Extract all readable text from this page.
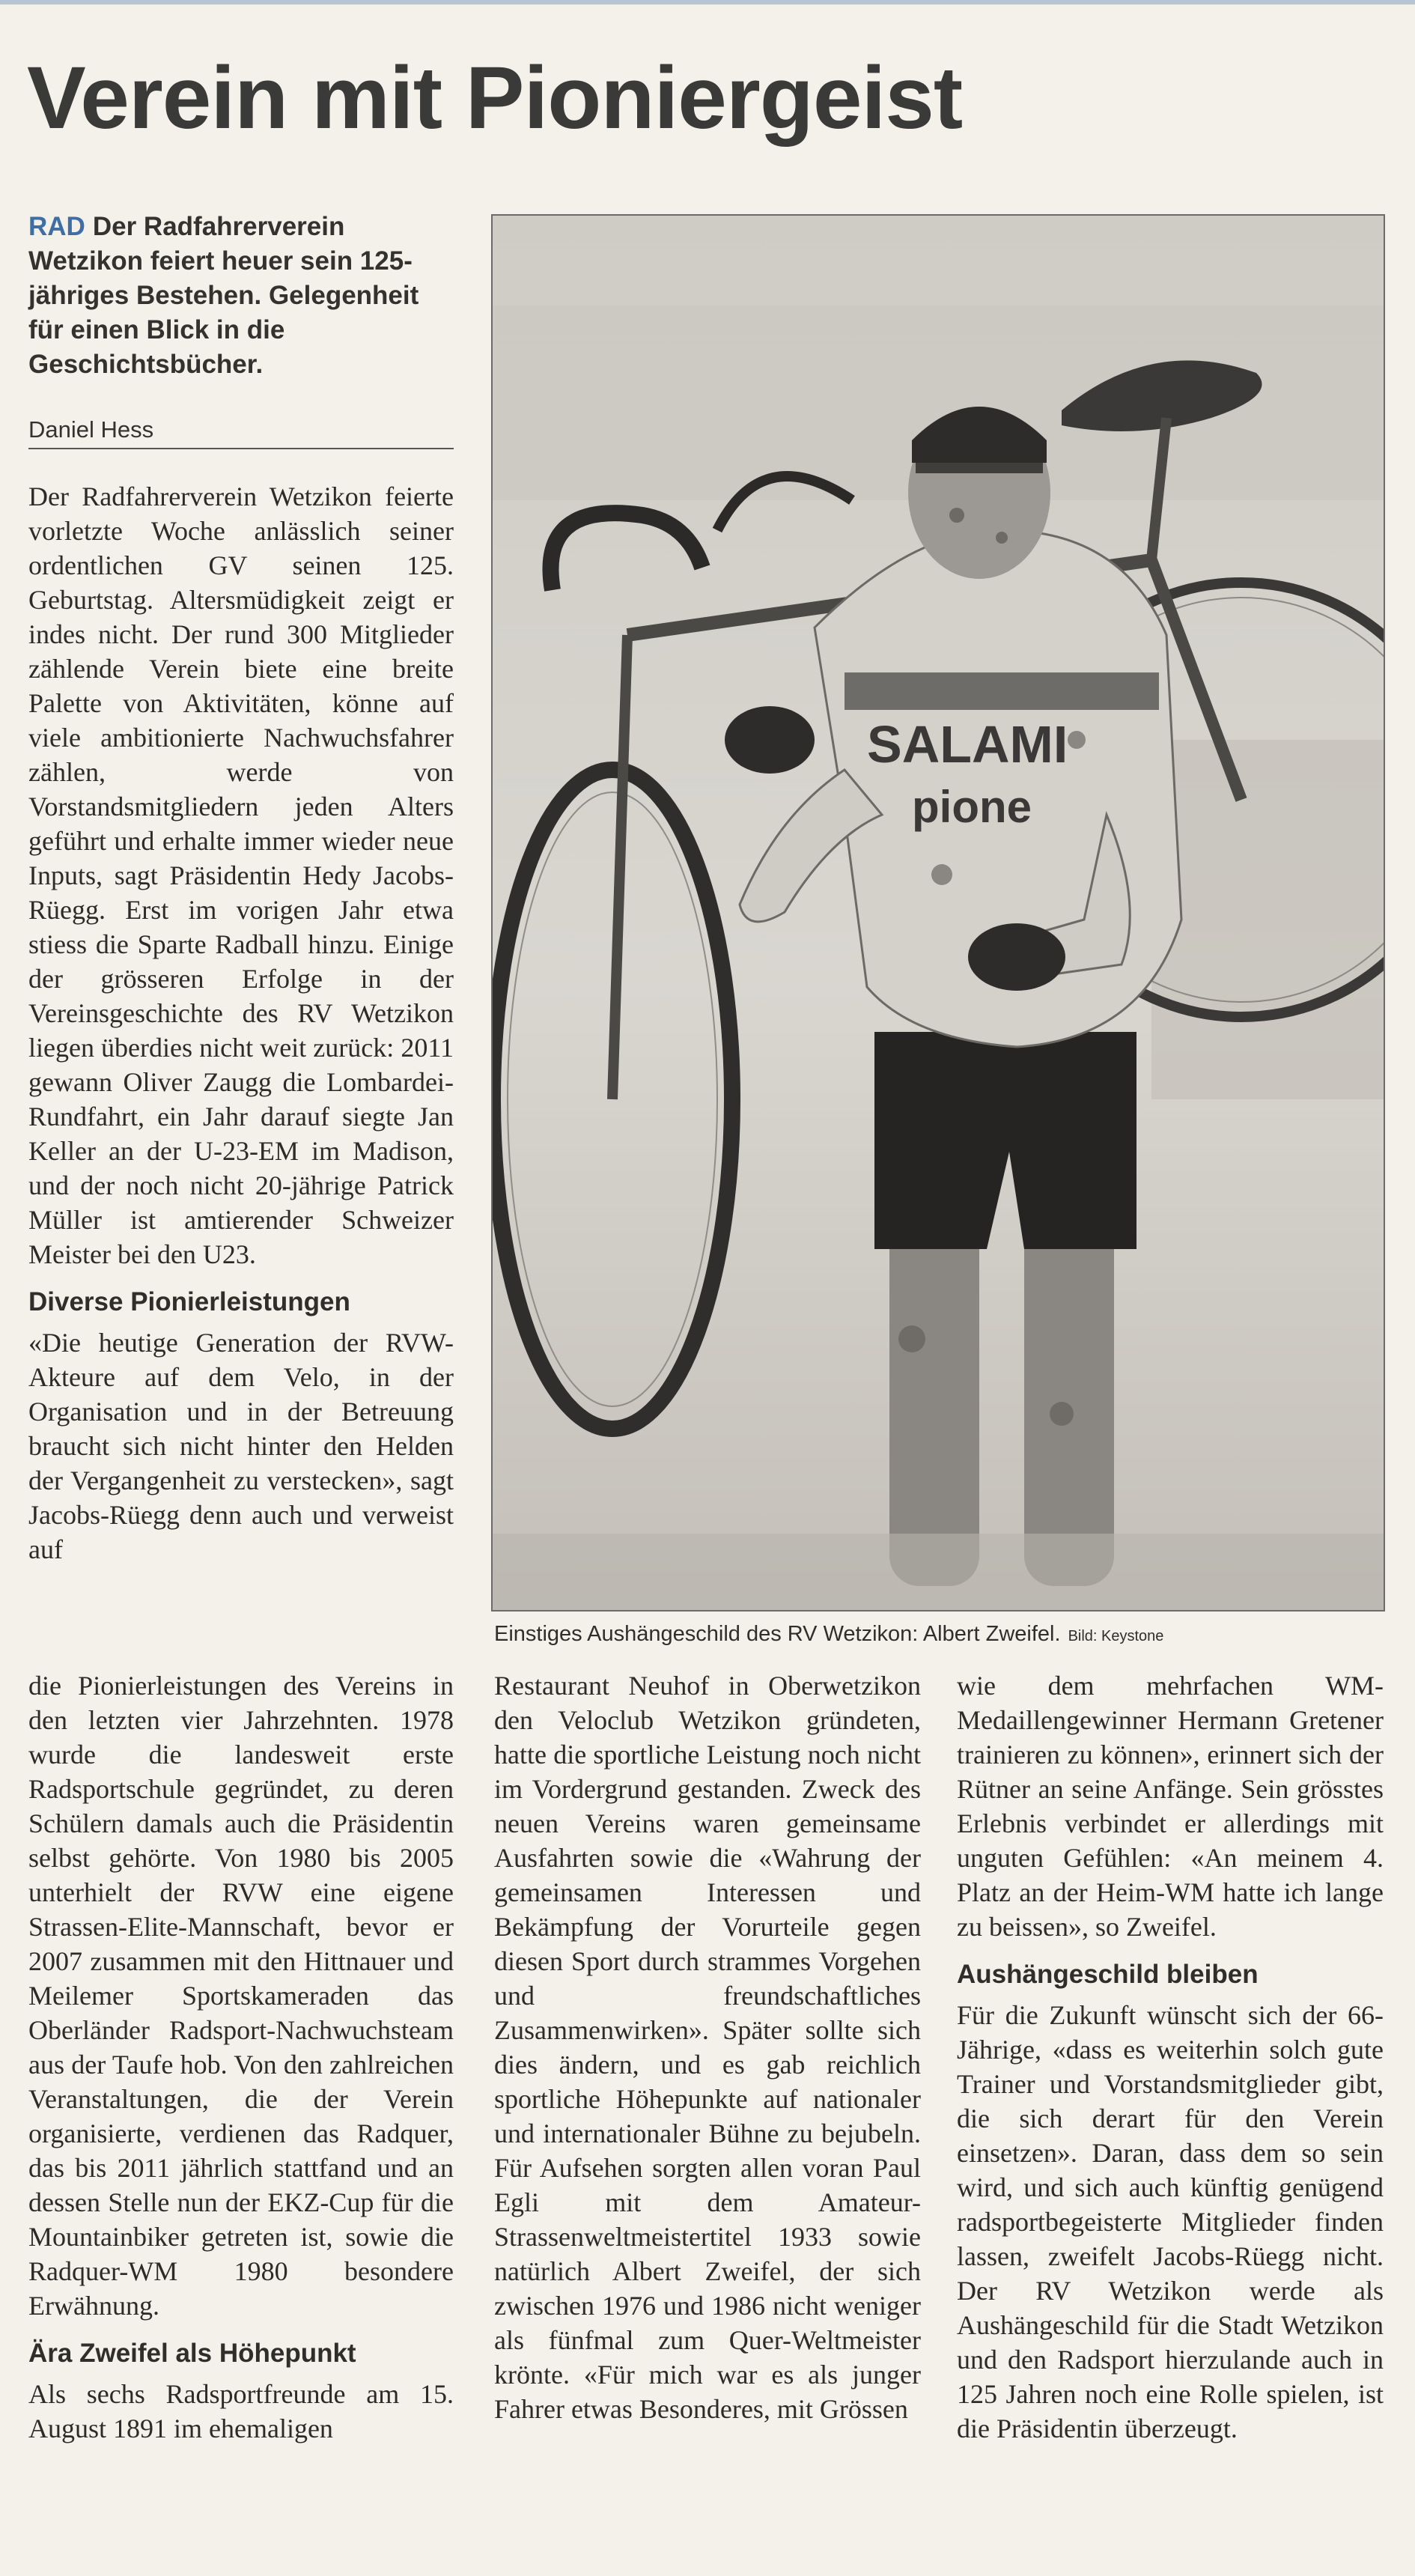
Verein mit Pioniergeist
RAD Der Radfahrerverein Wetzikon feiert heuer sein 125-jähriges Bestehen. Gelegenheit für einen Blick in die Geschichtsbücher.
Daniel Hess

Der Radfahrerverein Wetzikon feierte vorletzte Woche anlässlich seiner ordentlichen GV seinen 125. Geburtstag. Altersmüdigkeit zeigt er indes nicht. Der rund 300 Mitglieder zählende Verein biete eine breite Palette von Aktivitäten, könne auf viele ambitionierte Nachwuchsfahrer zählen, werde von Vorstandsmitgliedern jeden Alters geführt und erhalte immer wieder neue Inputs, sagt Präsidentin Hedy Jacobs-Rüegg. Erst im vorigen Jahr etwa stiess die Sparte Radball hinzu. Einige der grösseren Erfolge in der Vereinsgeschichte des RV Wetzikon liegen überdies nicht weit zurück: 2011 gewann Oliver Zaugg die Lombardei-Rundfahrt, ein Jahr darauf siegte Jan Keller an der U-23-EM im Madison, und der noch nicht 20-jährige Patrick Müller ist amtierender Schweizer Meister bei den U23.

Diverse Pionierleistungen

«Die heutige Generation der RVW-Akteure auf dem Velo, in der Organisation und in der Betreuung braucht sich nicht hinter den Helden der Vergangenheit zu verstecken», sagt Jacobs-Rüegg denn auch und verweist auf

SALAMI
pione
Einstiges Aushängeschild des RV Wetzikon: Albert Zweifel. Bild: Keystone

die Pionierleistungen des Vereins in den letzten vier Jahrzehnten. 1978 wurde die landesweit erste Radsportschule gegründet, zu deren Schülern damals auch die Präsidentin selbst gehörte. Von 1980 bis 2005 unterhielt der RVW eine eigene Strassen-Elite-Mannschaft, bevor er 2007 zusammen mit den Hittnauer und Meilemer Sportskameraden das Oberländer Radsport-Nachwuchsteam aus der Taufe hob. Von den zahlreichen Veranstaltungen, die der Verein organisierte, verdienen das Radquer, das bis 2011 jährlich stattfand und an dessen Stelle nun der EKZ-Cup für die Mountainbiker getreten ist, sowie die Radquer-WM 1980 besondere Erwähnung.

Ära Zweifel als Höhepunkt

Als sechs Radsportfreunde am 15. August 1891 im ehemaligen

Restaurant Neuhof in Oberwetzikon den Veloclub Wetzikon gründeten, hatte die sportliche Leistung noch nicht im Vordergrund gestanden. Zweck des neuen Vereins waren gemeinsame Ausfahrten sowie die «Wahrung der gemeinsamen Interessen und Bekämpfung der Vorurteile gegen diesen Sport durch strammes Vorgehen und freundschaftliches Zusammenwirken». Später sollte sich dies ändern, und es gab reichlich sportliche Höhepunkte auf nationaler und internationaler Bühne zu bejubeln. Für Aufsehen sorgten allen voran Paul Egli mit dem Amateur-Strassenweltmeistertitel 1933 sowie natürlich Albert Zweifel, der sich zwischen 1976 und 1986 nicht weniger als fünfmal zum Quer-Weltmeister krönte. «Für mich war es als junger Fahrer etwas Besonderes, mit Grössen

wie dem mehrfachen WM-Medaillengewinner Hermann Gretener trainieren zu können», erinnert sich der Rütner an seine Anfänge. Sein grösstes Erlebnis verbindet er allerdings mit unguten Gefühlen: «An meinem 4. Platz an der Heim-WM hatte ich lange zu beissen», so Zweifel.

Aushängeschild bleiben

Für die Zukunft wünscht sich der 66-Jährige, «dass es weiterhin solch gute Trainer und Vorstandsmitglieder gibt, die sich derart für den Verein einsetzen». Daran, dass dem so sein wird, und sich auch künftig genügend radsportbegeisterte Mitglieder finden lassen, zweifelt Jacobs-Rüegg nicht. Der RV Wetzikon werde als Aushängeschild für die Stadt Wetzikon und den Radsport hierzulande auch in 125 Jahren noch eine Rolle spielen, ist die Präsidentin überzeugt.
